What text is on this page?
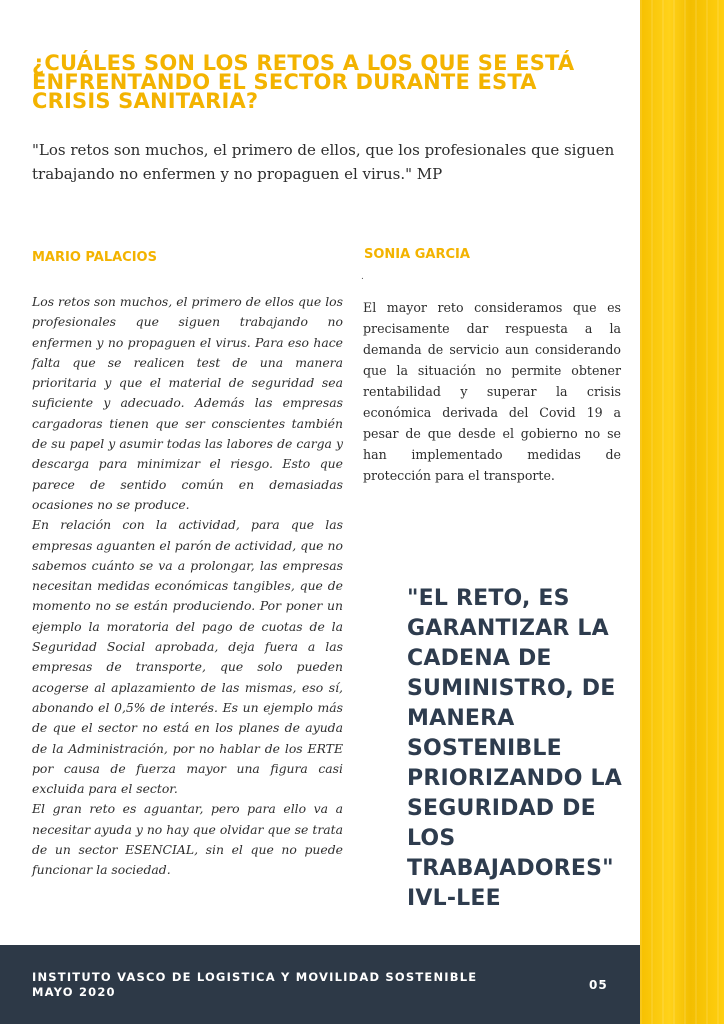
¿CUÁLES SON LOS RETOS A LOS QUE SE ESTÁ ENFRENTANDO EL SECTOR DURANTE ESTA CRISIS SANITARIA?
"Los retos son muchos, el primero de ellos, que los profesionales que siguen trabajando no enfermen y no propaguen el virus." MP
MARIO PALACIOS	SONIA GARCIA
.

Los retos son muchos, el primero de ellos que los profesionales que siguen trabajando no enfermen y no propaguen el virus. Para eso hace falta que se realicen test de una manera prioritaria y que el material de seguridad sea suficiente y adecuado. Además las empresas cargadoras tienen que ser conscientes también de su papel y asumir todas las labores de carga y descarga para minimizar el riesgo. Esto que parece de sentido común en demasiadas ocasiones no se produce.

En relación con la actividad, para que las empresas aguanten el parón de actividad, que no sabemos cuánto se va a prolongar, las empresas necesitan medidas económicas tangibles, que de momento no se están produciendo. Por poner un ejemplo la moratoria del pago de cuotas de la Seguridad Social aprobada, deja fuera a las empresas de transporte, que solo pueden acogerse al aplazamiento de las mismas, eso sí, abonando el 0,5% de interés. Es un ejemplo más de que el sector no está en los planes de ayuda de la Administración, por no hablar de los ERTE por causa de fuerza mayor una figura casi excluida para el sector.

El gran reto es aguantar, pero para ello va a necesitar ayuda y no hay que olvidar que se trata de un sector ESENCIAL, sin el que no puede funcionar la sociedad.

El mayor reto consideramos que es precisamente dar respuesta a la demanda de servicio aun considerando que la situación no permite obtener rentabilidad y superar la crisis económica derivada del Covid 19 a pesar de que desde el gobierno no se han implementado medidas de protección para el transporte.
"EL RETO, ES GARANTIZAR LA CADENA DE SUMINISTRO, DE MANERA SOSTENIBLE PRIORIZANDO LA SEGURIDAD DE LOS TRABAJADORES" IVL-LEE
INSTITUTO VASCO DE LOGISTICA Y MOVILIDAD SOSTENIBLE
MAYO 2020	05
